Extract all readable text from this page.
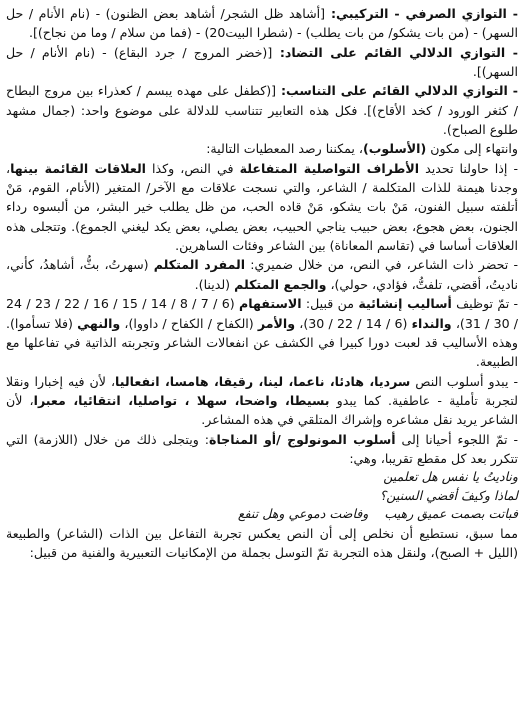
- التوازي الصرفي - التركيبي: [أشاهد ظل الشجر/ أشاهد بعض الظنون) - (نام الأنام / حل السهر) - (من بات يشكو/ من بات يطلب) - (شطرا البيت20) - (فما من سلام / وما من نجاح)].

- التوازي الدلالي القائم على التضاد: [(خضر المروج / جرد البقاع) - (نام الأنام / حل السهر)].

- التوازي الدلالي القائم على التناسب: [(كطفل على مهده يبسم / كعذراء بين مروج البطاح / كثغر الورود / كخد الأقاح)]. فكل هذه التعابير تتناسب للدلالة على موضوع واحد: (جمال مشهد طلوع الصباح).

وانتهاء إلى مكون (الأسلوب)، يمكننا رصد المعطيات التالية:

- إذا حاولنا تحديد الأطراف التواصلية المتفاعلة في النص، وكذا العلاقات القائمة بينها، وجدنا هيمنة للذات المتكلمة / الشاعر، والتي نسجت علاقات مع الآخر/ المتغير (الأنام، القوم، مَنْ أتلفته سبيل الفنون، مَنْ بات يشكو، مَنْ قاده الحب، من ظل يطلب خير البشر، من ألبسوه رداء الجنون، بعض هجوع، بعض حبيب يناجي الحبيب، بعض يصلي، بعض يكد ليغني الجموع). وتتجلى هذه العلاقات أساسا في (تقاسم المعاناة) بين الشاعر وفئات الساهرين.

- تحضر ذات الشاعر، في النص، من خلال ضميري: المفرد المتكلم (سهرتُ، بثُّ، أشاهدُ، كأني، ناديتُ، أقضي، تلفتُّ، فؤادي، حولي)، والجمع المتكلم (لدينا).

- تمّ توظيف أساليب إنشائية من قبيل: الاستفهام (6 / 7 / 8 / 14 / 15 / 16 / 22 / 23 / 24 / 30 / 31)، والنداء (6 / 14 / 22 / 30)، والأمر (الكفاح / الكفاح / داووا)، والنهي (فلا تسأموا). وهذه الأساليب قد لعبت دورا كبيرا في الكشف عن انفعالات الشاعر وتجربته الذاتية في تفاعلها مع الطبيعة.

- يبدو أسلوب النص سرديا، هادئا، ناعما، لينا، رقيقا، هامسا، انفعاليا، لأن فيه إخبارا ونقلا لتجربة تأملية - عاطفية. كما يبدو بسيطا، واضحا، سهلا ، تواصليا، انتقائيا، معبرا، لأن الشاعر يريد نقل مشاعره وإشراك المتلقي في هذه المشاعر.

- تمّ اللجوء أحيانا إلى أسلوب المونولوج /أو المناجاة: ويتجلى ذلك من خلال (اللازمة) التي تتكرر بعد كل مقطع تقريبا، وهي:

وناديتُ يا نفس هل تعلمين
لماذا وكيفَ أقضي السنين؟
فباتت بصمت عميق رهيبوفاضت دموعي وهل تنفع

مما سبق، نستطيع أن نخلص إلى أن النص يعكس تجربة التفاعل بين الذات (الشاعر) والطبيعة (الليل + الصبح)، ولنقل هذه التجربة تمّ التوسل بجملة من الإمكانيات التعبيرية والفنية من قبيل:
